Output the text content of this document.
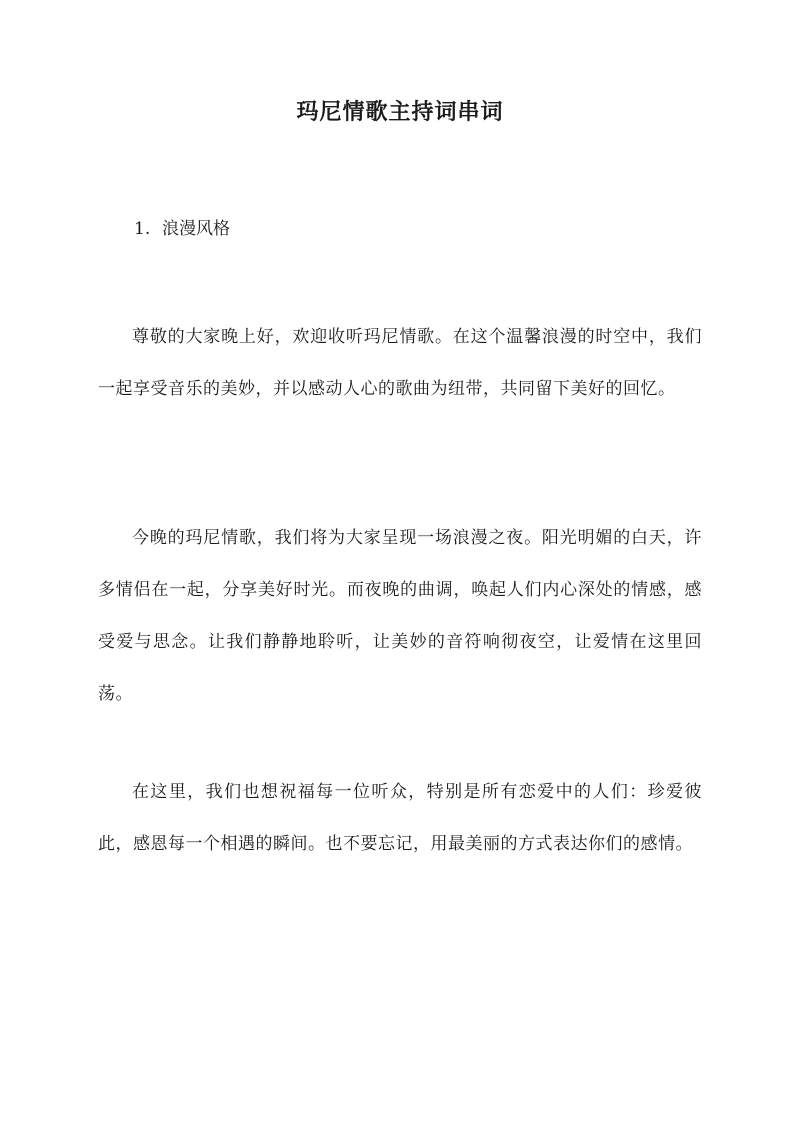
玛尼情歌主持词串词
1. 浪漫风格

尊敬的大家晚上好，欢迎收听玛尼情歌。在这个温馨浪漫的时空中，我们一起享受音乐的美妙，并以感动人心的歌曲为纽带，共同留下美好的回忆。

今晚的玛尼情歌，我们将为大家呈现一场浪漫之夜。阳光明媚的白天，许多情侣在一起，分享美好时光。而夜晚的曲调，唤起人们内心深处的情感，感受爱与思念。让我们静静地聆听，让美妙的音符响彻夜空，让爱情在这里回荡。

在这里，我们也想祝福每一位听众，特别是所有恋爱中的人们：珍爱彼此，感恩每一个相遇的瞬间。也不要忘记，用最美丽的方式表达你们的感情。
